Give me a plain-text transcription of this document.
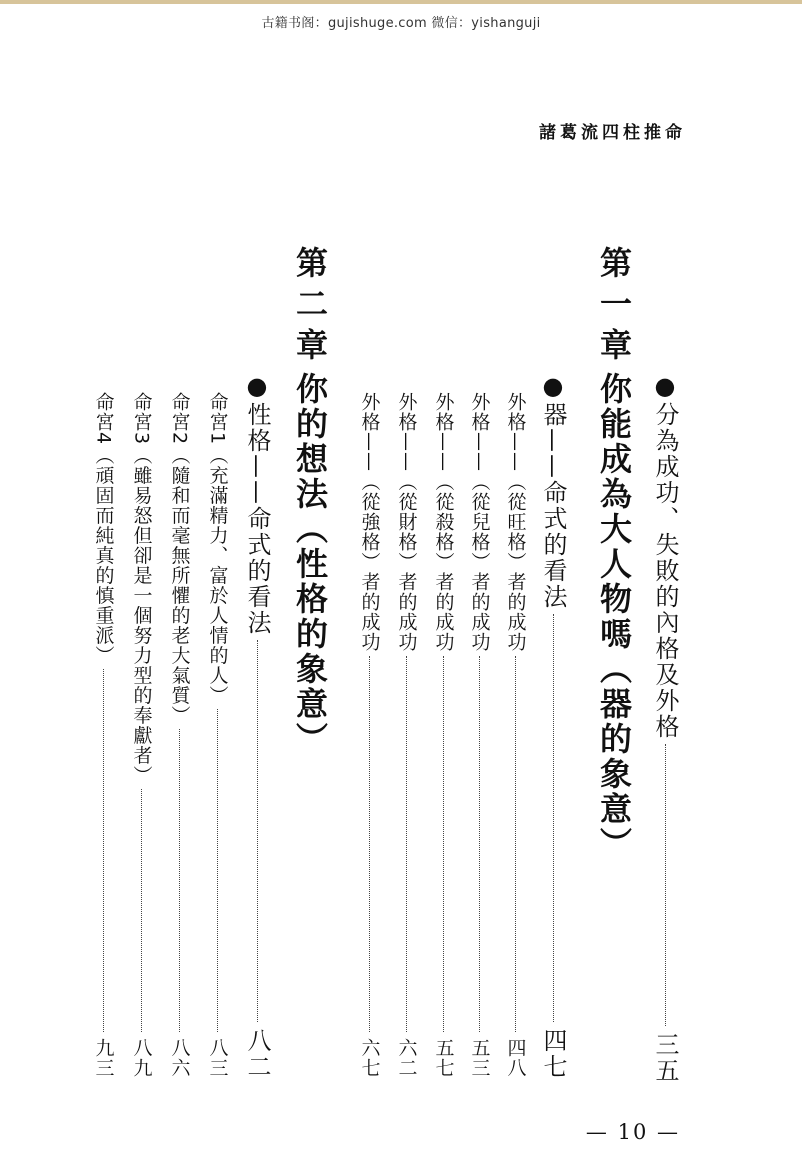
古籍书阁：gujishuge.com 微信：yishanguji
諸葛流四柱推命
第一章
●分為成功、失敗的內格及外格
三五
你能成為大人物嗎（器的象意）
●器——命式的看法
四七
外格——（從旺格）者的成功
四八
外格——（從兒格）者的成功
五三
外格——（從殺格）者的成功
五七
外格——（從財格）者的成功
六二
外格——（從強格）者的成功
六七
第二章
你的想法（性格的象意）
●性格——命式的看法
八二
命宮1（充滿精力、富於人情的人）
八三
命宮2（隨和而毫無所懼的老大氣質）
八六
命宮3（雖易怒但卻是一個努力型的奉獻者）
八九
命宮4（頑固而純真的慎重派）
九三
— 10 —
